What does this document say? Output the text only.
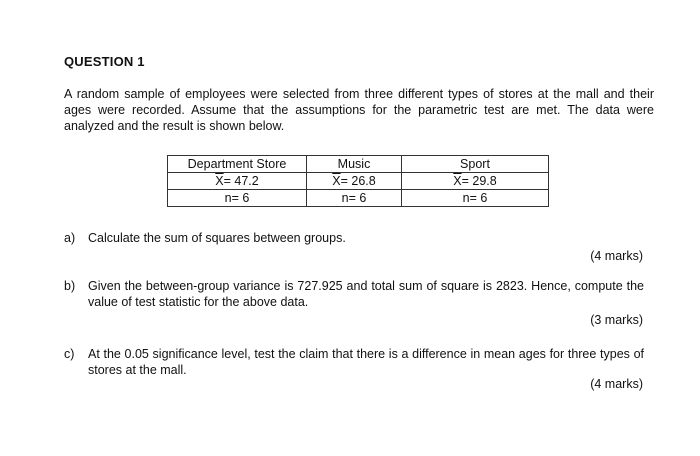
QUESTION 1
A random sample of employees were selected from three different types of stores at the mall and their ages were recorded. Assume that the assumptions for the parametric test are met. The data were analyzed and the result is shown below.
Department Store	Music	Sport
$\overline{X}= 47.2$	$\overline{X}= 26.8$	$\overline{X}= 29.8$
n= 6	n= 6	n= 6
a) Calculate the sum of squares between groups.
(4 marks)
b) Given the between-group variance is 727.925 and total sum of square is 2823. Hence, compute the value of test statistic for the above data.
(3 marks)
c) At the 0.05 significance level, test the claim that there is a difference in mean ages for three types of stores at the mall.
(4 marks)
